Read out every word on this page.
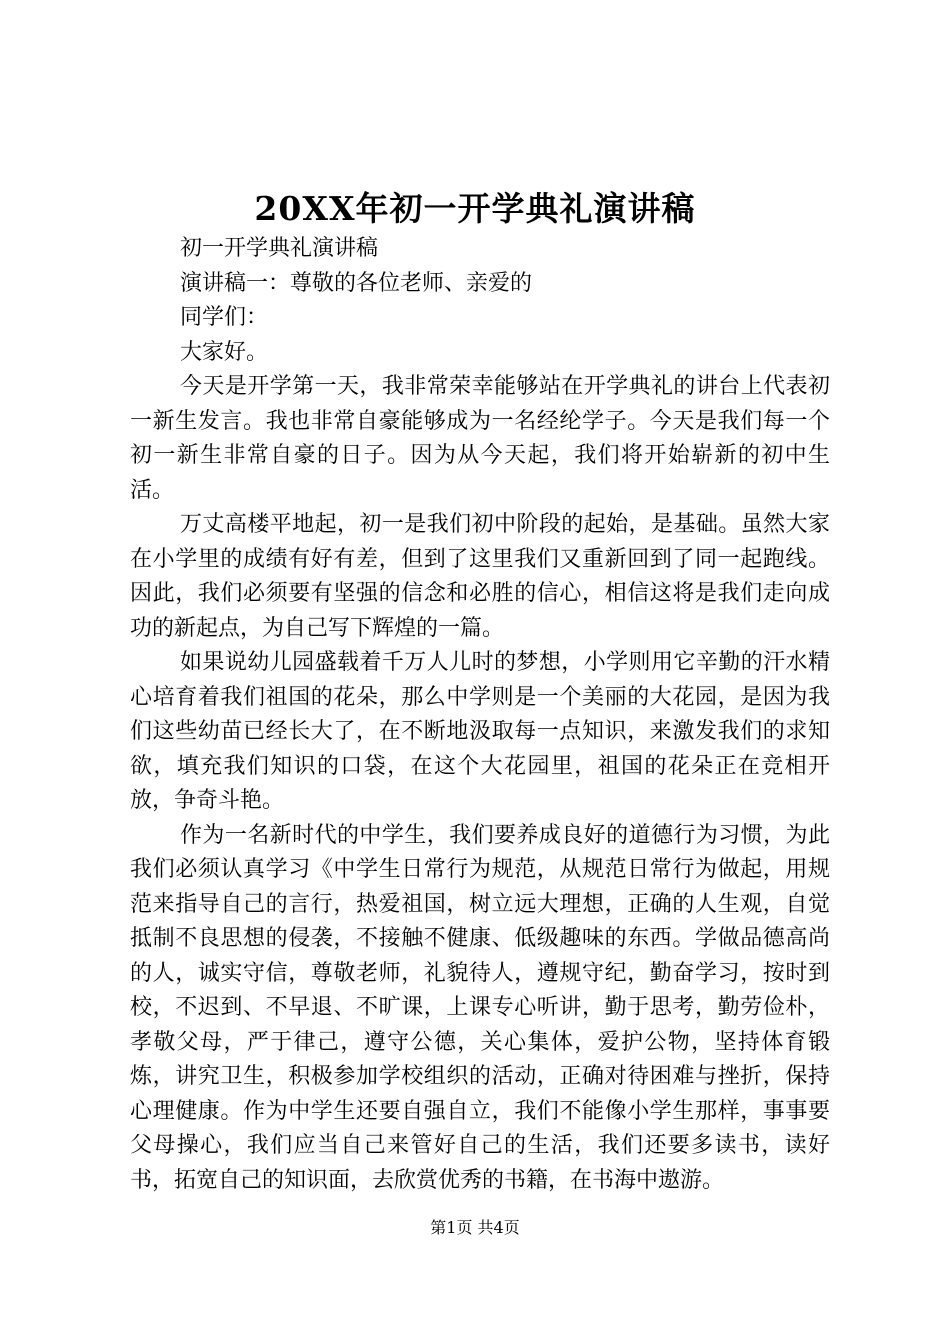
20XX年初一开学典礼演讲稿

初一开学典礼演讲稿

演讲稿一：尊敬的各位老师、亲爱的

同学们：

大家好。

今天是开学第一天，我非常荣幸能够站在开学典礼的讲台上代表初一新生发言。我也非常自豪能够成为一名经纶学子。今天是我们每一个初一新生非常自豪的日子。因为从今天起，我们将开始崭新的初中生活。

万丈高楼平地起，初一是我们初中阶段的起始，是基础。虽然大家在小学里的成绩有好有差，但到了这里我们又重新回到了同一起跑线。因此，我们必须要有坚强的信念和必胜的信心，相信这将是我们走向成功的新起点，为自己写下辉煌的一篇。

如果说幼儿园盛载着千万人儿时的梦想，小学则用它辛勤的汗水精心培育着我们祖国的花朵，那么中学则是一个美丽的大花园，是因为我们这些幼苗已经长大了，在不断地汲取每一点知识，来激发我们的求知欲，填充我们知识的口袋，在这个大花园里，祖国的花朵正在竞相开放，争奇斗艳。

作为一名新时代的中学生，我们要养成良好的道德行为习惯，为此我们必须认真学习《中学生日常行为规范，从规范日常行为做起，用规范来指导自己的言行，热爱祖国，树立远大理想，正确的人生观，自觉抵制不良思想的侵袭，不接触不健康、低级趣味的东西。学做品德高尚的人，诚实守信，尊敬老师，礼貌待人，遵规守纪，勤奋学习，按时到校，不迟到、不早退、不旷课，上课专心听讲，勤于思考，勤劳俭朴，孝敬父母，严于律己，遵守公德，关心集体，爱护公物，坚持体育锻炼，讲究卫生，积极参加学校组织的活动，正确对待困难与挫折，保持心理健康。作为中学生还要自强自立，我们不能像小学生那样，事事要父母操心，我们应当自己来管好自己的生活，我们还要多读书，读好书，拓宽自己的知识面，去欣赏优秀的书籍，在书海中遨游。

第1页 共4页
